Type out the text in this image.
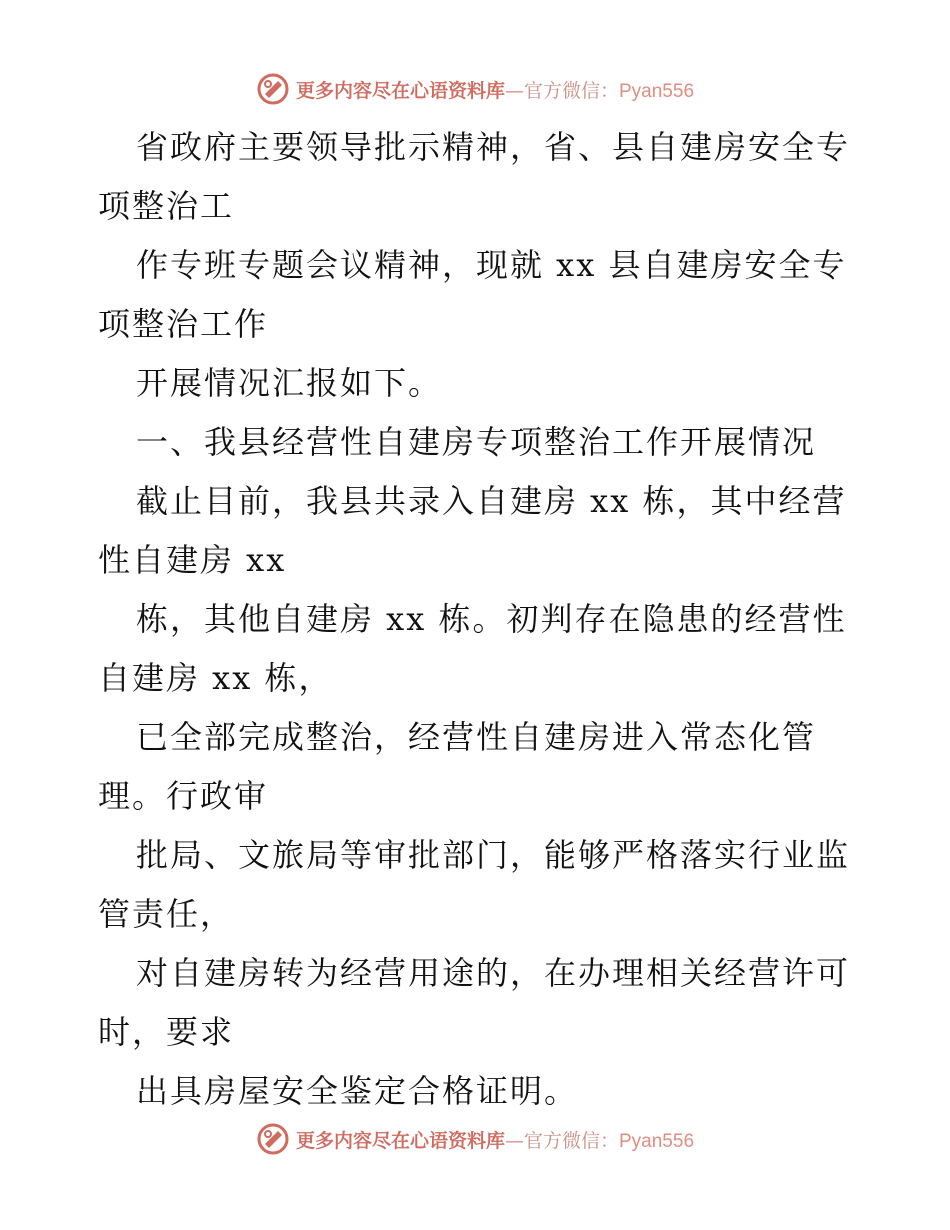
更多内容尽在心语资料库—官方微信：Pyan556

省政府主要领导批示精神，省、县自建房安全专
项整治工

作专班专题会议精神，现就 xx 县自建房安全专
项整治工作

开展情况汇报如下。

一、我县经营性自建房专项整治工作开展情况

截止目前，我县共录入自建房 xx 栋，其中经营
性自建房 xx

栋，其他自建房 xx 栋。初判存在隐患的经营性
自建房 xx 栋，

已全部完成整治，经营性自建房进入常态化管
理。行政审

批局、文旅局等审批部门，能够严格落实行业监
管责任，

对自建房转为经营用途的，在办理相关经营许可
时，要求

出具房屋安全鉴定合格证明。

更多内容尽在心语资料库—官方微信：Pyan556
